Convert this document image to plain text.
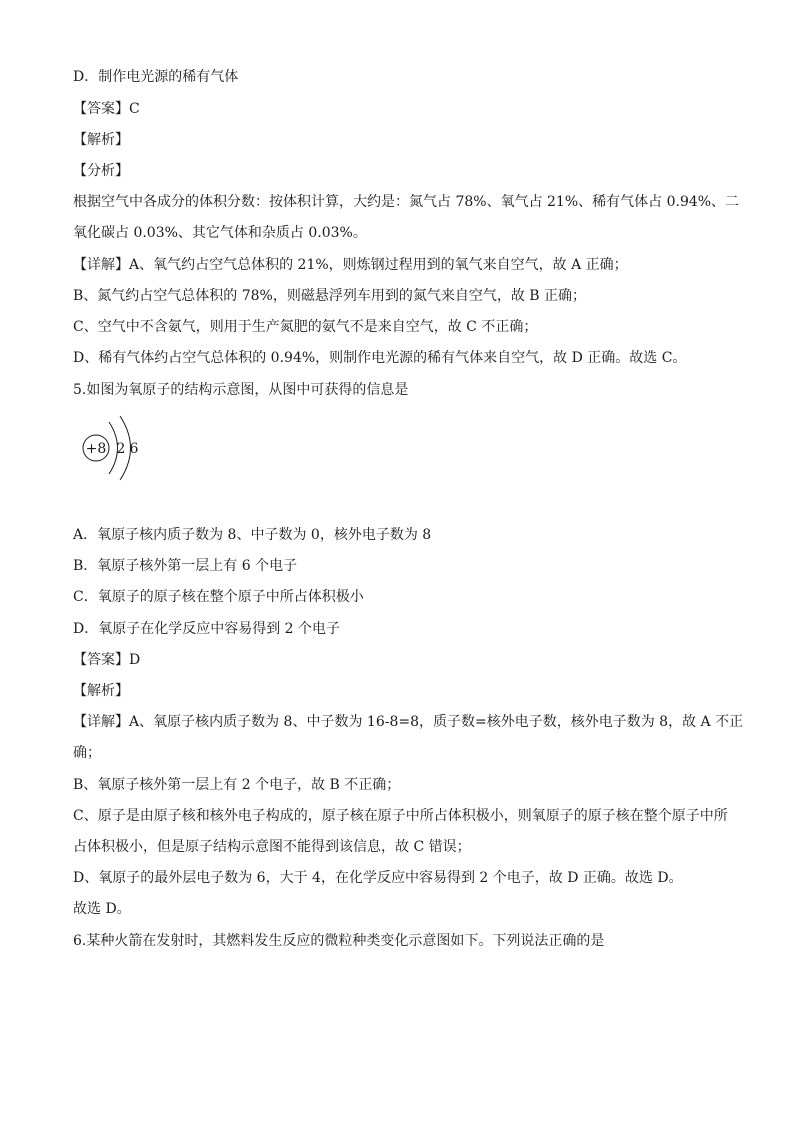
D．制作电光源的稀有气体
【答案】C
【解析】
【分析】
根据空气中各成分的体积分数：按体积计算，大约是：氮气占 78%、氧气占 21%、稀有气体占 0.94%、二
氧化碳占 0.03%、其它气体和杂质占 0.03%。
【详解】A、氧气约占空气总体积的 21%，则炼钢过程用到的氧气来自空气，故 A 正确；
B、氮气约占空气总体积的 78%，则磁悬浮列车用到的氮气来自空气，故 B 正确；
C、空气中不含氨气，则用于生产氮肥的氨气不是来自空气，故 C 不正确；
D、稀有气体约占空气总体积的 0.94%，则制作电光源的稀有气体来自空气，故 D 正确。故选 C。
5.如图为氧原子的结构示意图，从图中可获得的信息是
+8 2 6
A．氧原子核内质子数为 8、中子数为 0，核外电子数为 8
B．氧原子核外第一层上有 6 个电子
C．氧原子的原子核在整个原子中所占体积极小
D．氧原子在化学反应中容易得到 2 个电子
【答案】D
【解析】
【详解】A、氧原子核内质子数为 8、中子数为 16-8=8，质子数=核外电子数，核外电子数为 8，故 A 不正
确；
B、氧原子核外第一层上有 2 个电子，故 B 不正确；
C、原子是由原子核和核外电子构成的，原子核在原子中所占体积极小，则氧原子的原子核在整个原子中所
占体积极小，但是原子结构示意图不能得到该信息，故 C 错误；
D、氧原子的最外层电子数为 6，大于 4，在化学反应中容易得到 2 个电子，故 D 正确。故选 D。
故选 D。
6.某种火箭在发射时，其燃料发生反应的微粒种类变化示意图如下。下列说法正确的是
